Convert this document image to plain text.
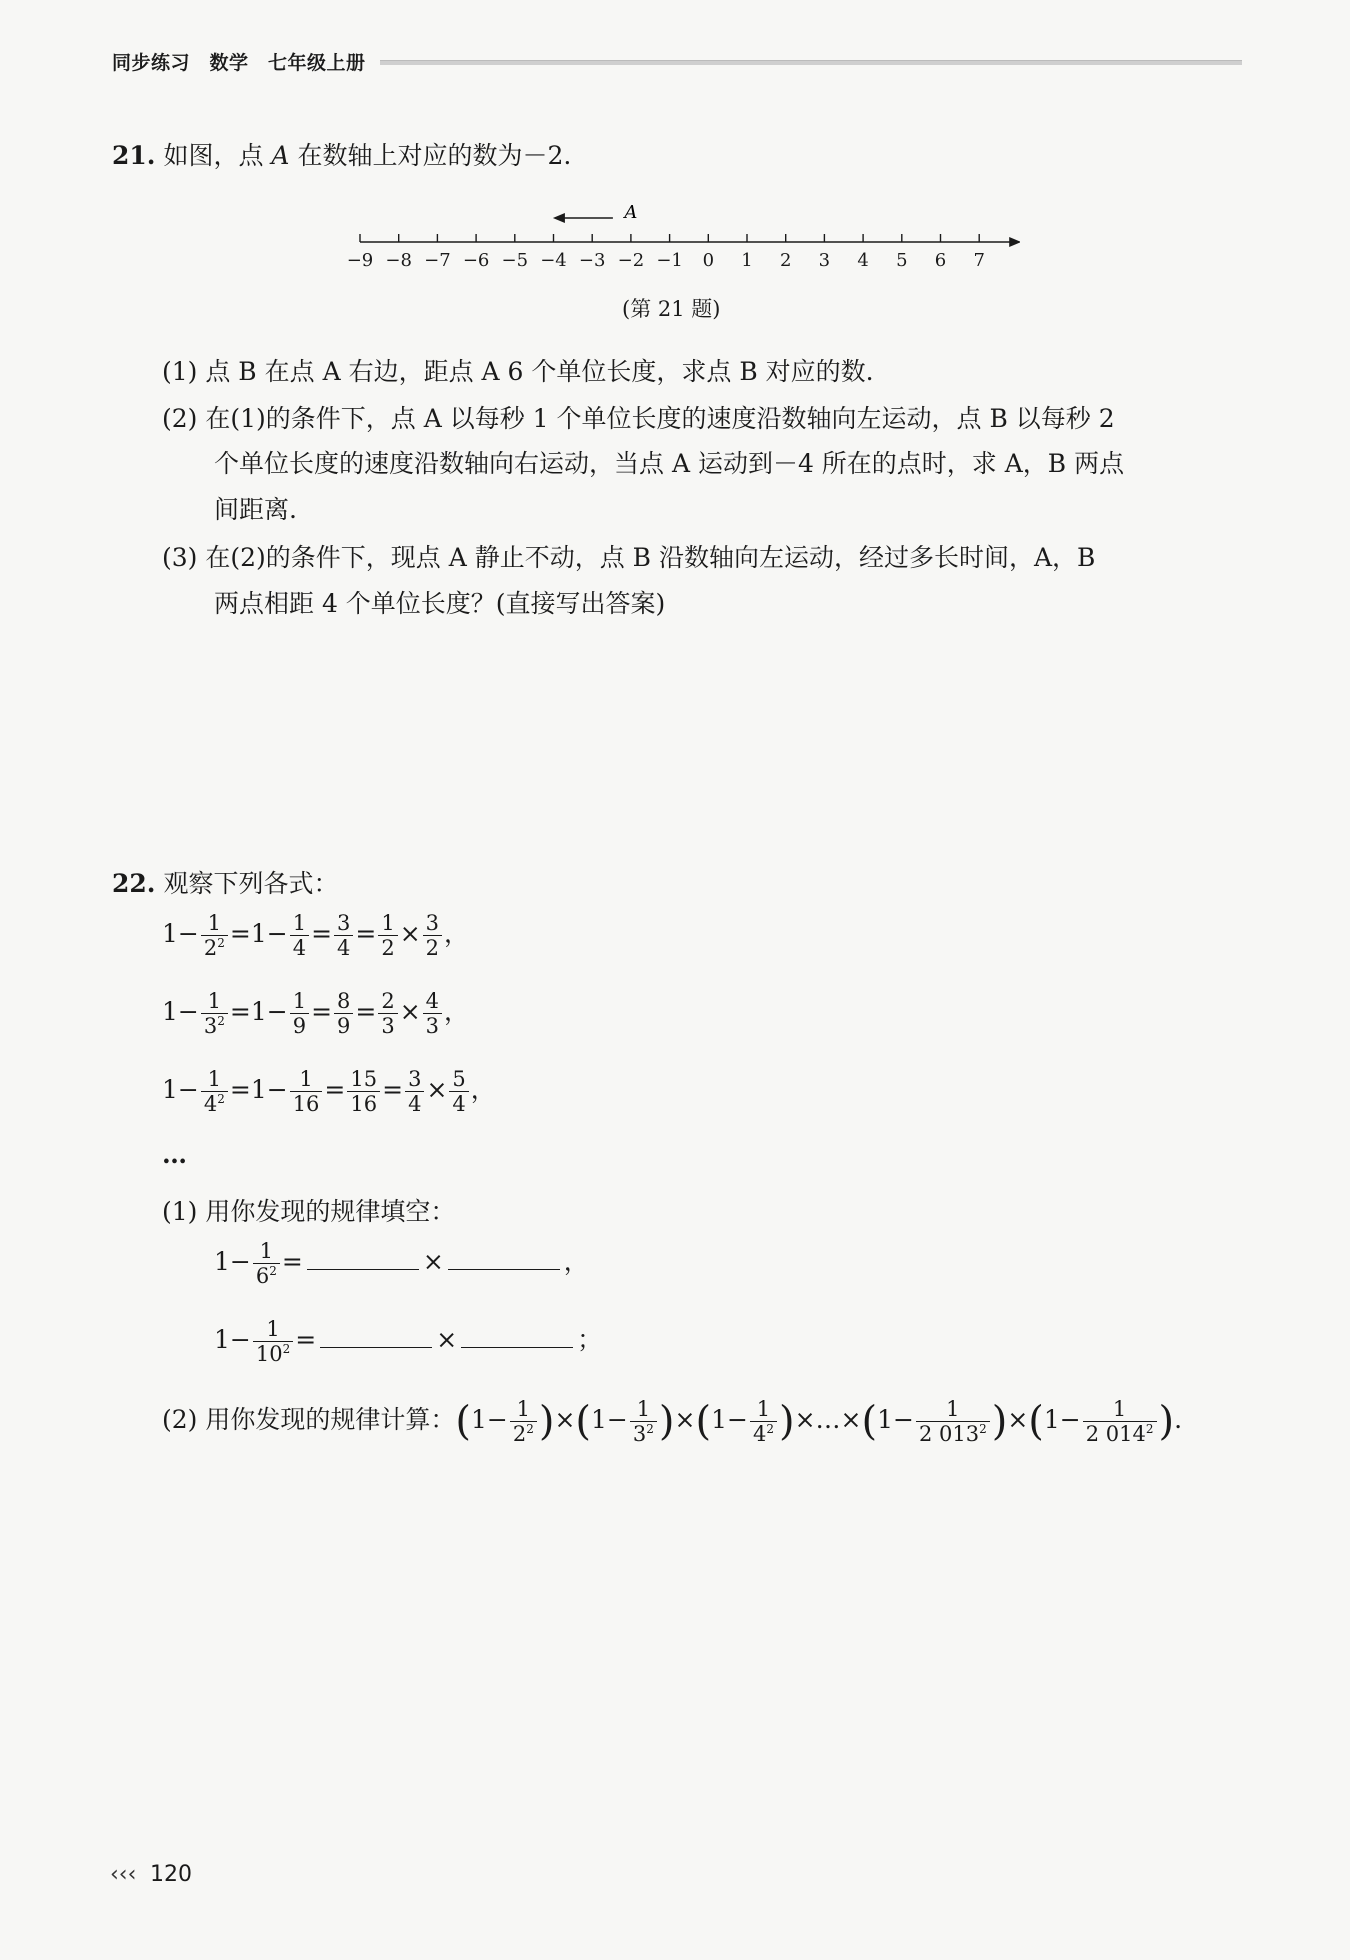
同步练习　数学　七年级上册
21. 如图，点 A 在数轴上对应的数为－2.
−9 −8 −7 −6 −5 −4 −3 −2 −1 0 1 2 3 4 5 6 7
A
(第 21 题)
(1) 点 B 在点 A 右边，距点 A 6 个单位长度，求点 B 对应的数.
(2) 在(1)的条件下，点 A 以每秒 1 个单位长度的速度沿数轴向左运动，点 B 以每秒 2
个单位长度的速度沿数轴向右运动，当点 A 运动到－4 所在的点时，求 A，B 两点
间距离.
(3) 在(2)的条件下，现点 A 静止不动，点 B 沿数轴向左运动，经过多长时间，A，B
两点相距 4 个单位长度？(直接写出答案)
22. 观察下列各式：
$1- \frac{1}{2^2} =1- \frac{1}{4} = \frac{3}{4} = \frac{1}{2} \times \frac{3}{2}$ ，
$1- \frac{1}{3^2} =1- \frac{1}{9} = \frac{8}{9} = \frac{2}{3} \times \frac{4}{3}$ ，
$1- \frac{1}{4^2} =1- \frac{1}{16} = \frac{15}{16} = \frac{3}{4} \times \frac{5}{4}$ ，
…
(1) 用你发现的规律填空：
$1- \frac{1}{6^2}$ =	×	，
$1- \frac{1}{10^2}$ =	×	；
(2) 用你发现的规律计算：$(1- \frac{1}{2^2} )\times(1- \frac{1}{3^2} )\times(1- \frac{1}{4^2}$ )×…×(1− $\frac{1}{2 013^2} )\times(1- \frac{1}{2 014^2}$ ).
‹‹‹ 120
